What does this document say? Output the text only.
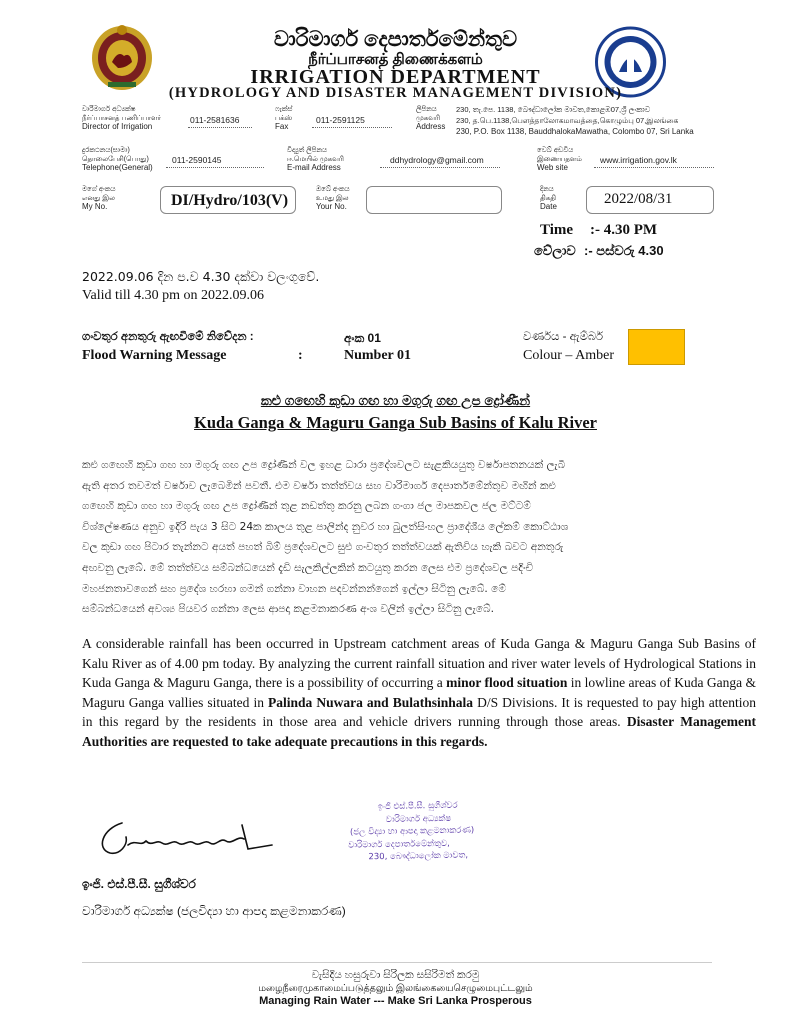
වාරිමාර්ග දෙපාර්තමේන්තුව
நீர்ப்பாசனத் திணைக்களம்
IRRIGATION DEPARTMENT
(HYDROLOGY AND DISASTER MANAGEMENT DIVISION)
වාරිමාර්ග අධ්‍යක්ෂ
நீர்ப்பாசனத் பணிப்பாளர்
Director of Irrigation
011-2581636
ෆැක්ස්
பக்ஸ்
Fax
011-2591125
ලිපිනය
முகவரி
Address
230, තැ.පෙ. 1138, බෞද්ධාලෝක මාවත,කොළඹ07,ශ්‍රී ලංකාව
230, த.பெ.1138,பௌத்தாலோகமாவத்தை,கொழும்பு 07,இலங்கை
230, P.O. Box 1138, BauddhalokaMawatha, Colombo 07, Sri Lanka
දුරකථනය(සාමා)
தொலைபேசி(பொது)
Telephone(General)
011-2590145
විද්‍යුත් ලිපිනය
ஈ.மெயில் முகவரி
E-mail Address
ddhydrology@gmail.com
වෙබ් අඩවිය
இணையதளம்
Web site
www.irrigation.gov.lk
මගේ අංකය
எனது இல
My No.	DI/Hydro/103(V)
ඔබේ අංකය
உமது இல
Your No.
දිනය
திகதி
Date	2022/08/31
Time :- 4.30 PM
වේලාව :- පස්වරු 4.30
2022.09.06 දින ප.ව 4.30 දක්වා වලංගුවේ.
Valid till 4.30 pm on 2022.09.06
ගංවතුර අනතුරු ඇඟවීමේ නිවේදන :
Flood Warning Message	:
අංක 01
Number 01
වර්ණය - ඇම්බර්
Colour – Amber
කළු ගඟෙහි කුඩා ගඟ හා මගුරු ගඟ උප ද්‍රෝණීන්
Kuda Ganga & Maguru Ganga Sub Basins of Kalu River
කළු ගඟෙහි කුඩා ගඟ හා මගුරු ගඟ උප ද්‍රෝණීන් වල ඉහළ ධාරා ප්‍රදේශවලට සැළකියයුතු වර්ෂාපතනයක් ලැබී
ඇති අතර තවමත් වර්ෂාව ලැබෙමින් පවතී. එම වර්ෂා තත්ත්වය සහ වාරිමාර්ග දෙපාර්තමේන්තුව මඟින් කළු
ගඟෙහි කුඩා ගඟ හා මගුරු ගඟ උප ද්‍රෝණීන් තුළ නඩත්තු කරනු ලබන ගංගා ජල මාපකවල ජල මට්ටම්
විශ්ලේෂණය අනුව ඉදිරි පැය 3 සිට 24ක කාලය තුළ පාලින්ද නුවර හා බුලත්සිංහල ප්‍රාදේශීය ලේකම් කොට්ඨාශ
වල කුඩා ගඟ පිටාර තැන්නට අයත් පහත් බිම් ප්‍රදේශවලට සුළු ගංවතුර තත්ත්වයක් ඇතිවිය හැකි බවට අනතුරු
අඟවනු ලැබේ. මේ තත්ත්වය සම්බන්ධයෙන් දැඩි සැලකිල්ලකින් කටයුතු කරන ලෙස එම ප්‍රදේශවල පදිංචි
මහජනතාවගෙන් සහ ප්‍රදේශ හරහා ගමන් ගන්නා වාහන පදවන්නන්ගෙන් ඉල්ලා සිටිනු ලැබේ. මේ
සම්බන්ධයෙන් අවශ්‍ය පියවර ගන්නා ලෙස ආපදා කළමනාකරණ අංශ වලින් ඉල්ලා සිටිනු ලැබේ.
A considerable rainfall has been occurred in Upstream catchment areas of Kuda Ganga & Maguru Ganga Sub Basins of Kalu River as of 4.00 pm today. By analyzing the current rainfall situation and river water levels of Hydrological Stations in Kuda Ganga & Maguru Ganga, there is a possibility of occurring a minor flood situation in lowline areas of Kuda Ganga & Maguru Ganga vallies situated in Palinda Nuwara and Bulathsinhala D/S Divisions. It is requested to pay high attention in this regard by the residents in those area and vehicle drivers running through those areas. Disaster Management Authorities are requested to take adequate precautions in this regards.
ඉංජි එස්.පී.සී. සුගීශ්වර
වාරිමාර්ග අධ්‍යක්ෂ
(ජල විද්‍යා හා ආපදා කළමනාකරණ)
වාරිමාර්ග දෙපාර්තමේන්තුව,
230, බෞද්ධාලෝක මාවත,
ඉංජි. එස්.පී.සී. සුගීශ්වර
වාරිමාර්ග අධ්‍යක්ෂ (ජලවිද්‍යා හා ආපදා කළමනාකරණ)
වැසිදිය හසුරුවා සිරිලක සසිරිමත් කරමු
மழைநீரைமுகாமைப்படுத்தலும் இலங்கையைசெழுமைபுட்டலும்
Managing Rain Water --- Make Sri Lanka Prosperous
